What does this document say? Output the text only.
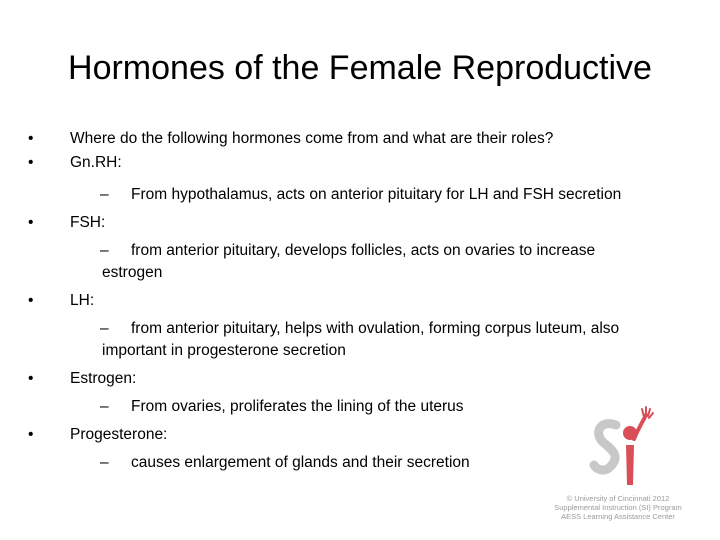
Hormones of the Female Reproductive
• Where do the following hormones come from and what are their roles?
• Gn.RH:
– From hypothalamus, acts on anterior pituitary for LH and FSH secretion
• FSH:
– from anterior pituitary, develops follicles, acts on ovaries to increase
estrogen
• LH:
– from anterior pituitary, helps with ovulation, forming corpus luteum, also
important in progesterone secretion
• Estrogen:
– From ovaries, proliferates the lining of the uterus
• Progesterone:
– causes enlargement of glands and their secretion
© University of Cincinnati 2012
Supplemental Instruction (SI) Program
AESS Learning Assistance Center
